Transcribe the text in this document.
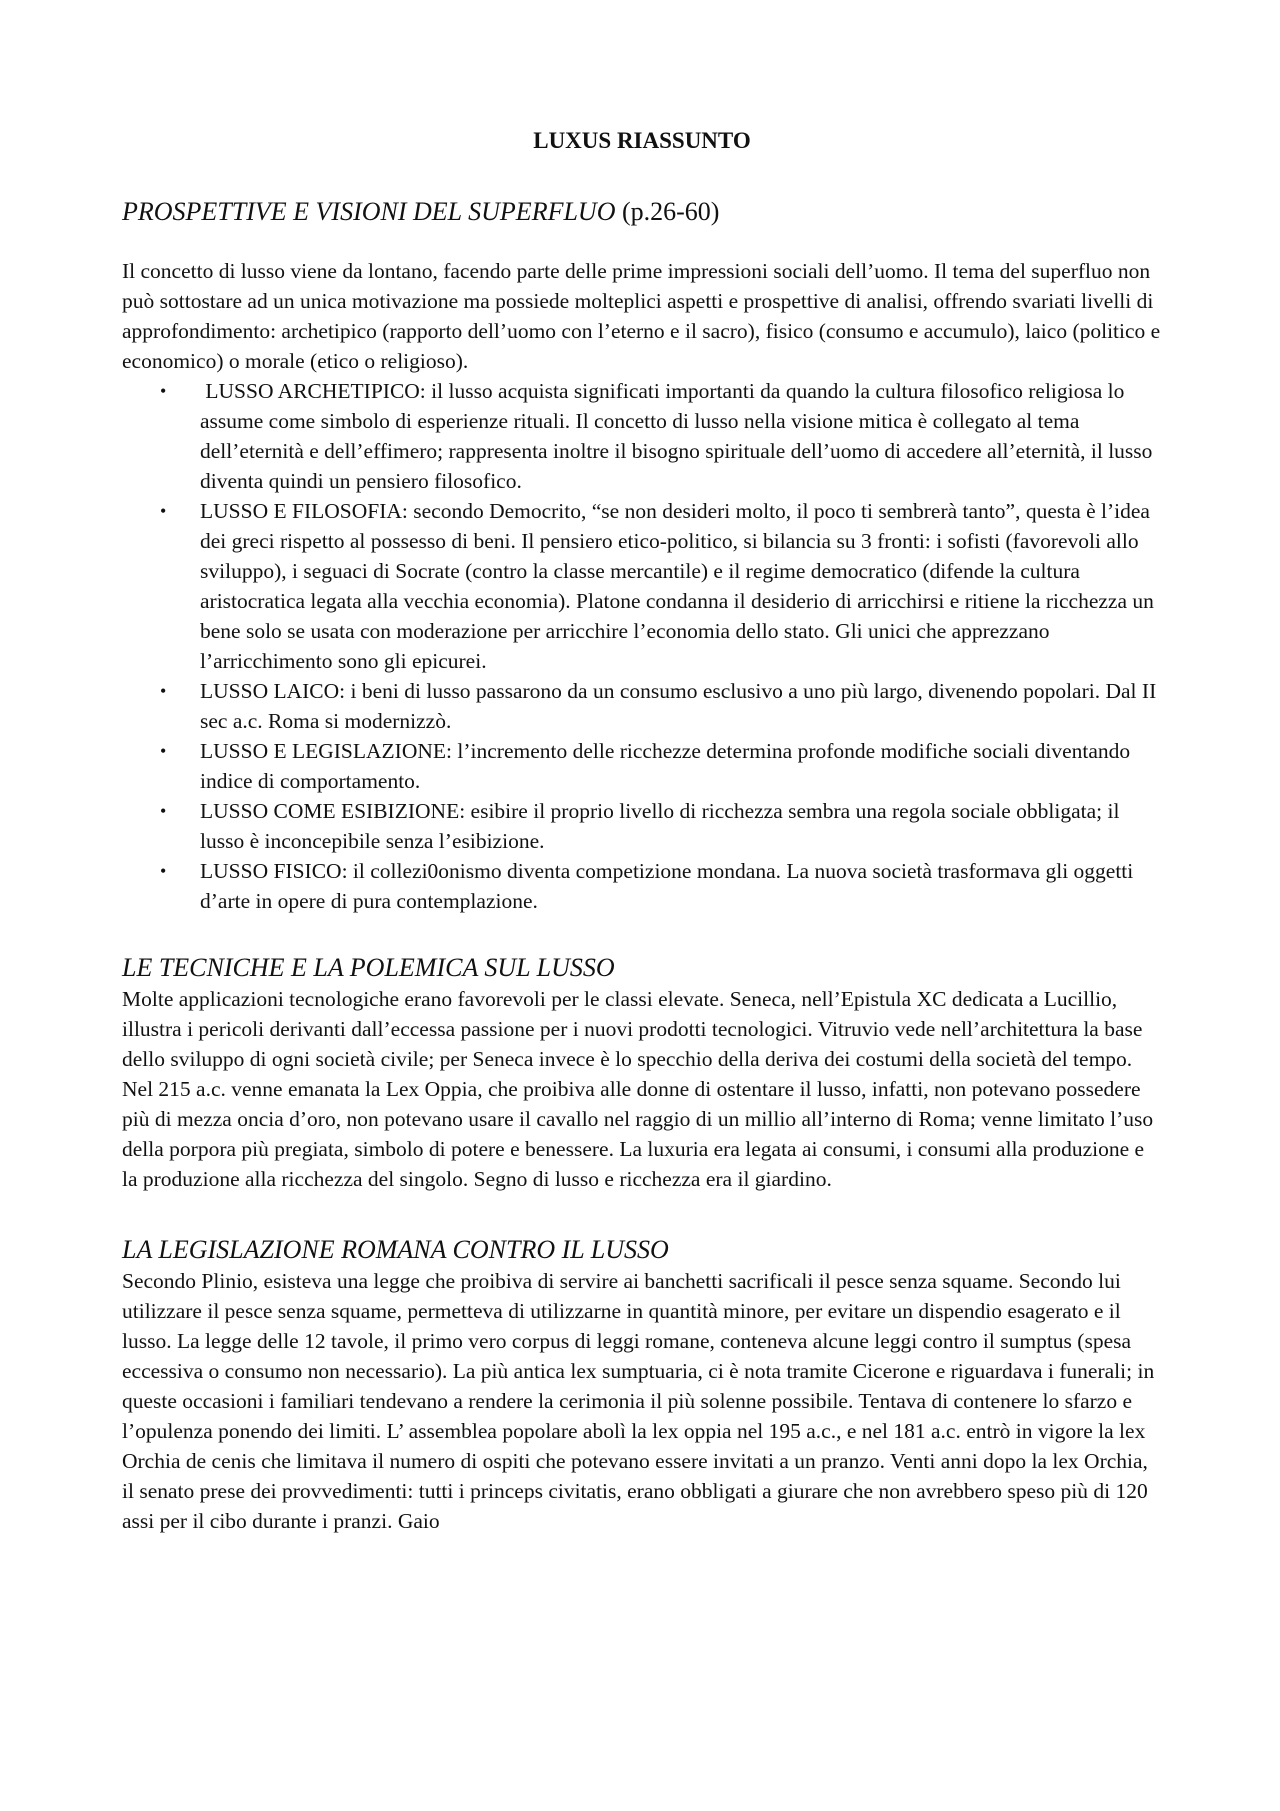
LUXUS RIASSUNTO
PROSPETTIVE E VISIONI DEL SUPERFLUO (p.26-60)

Il concetto di lusso viene da lontano, facendo parte delle prime impressioni sociali dell’uomo. Il tema del superfluo non può sottostare ad un unica motivazione ma possiede molteplici aspetti e prospettive di analisi, offrendo svariati livelli di approfondimento: archetipico (rapporto dell’uomo con l’eterno e il sacro), fisico (consumo e accumulo), laico (politico e economico) o morale (etico o religioso).

• LUSSO ARCHETIPICO: il lusso acquista significati importanti da quando la cultura filosofico religiosa lo assume come simbolo di esperienze rituali. Il concetto di lusso nella visione mitica è collegato al tema dell’eternità e dell’effimero; rappresenta inoltre il bisogno spirituale dell’uomo di accedere all’eternità, il lusso diventa quindi un pensiero filosofico.
• LUSSO E FILOSOFIA: secondo Democrito, “se non desideri molto, il poco ti sembrerà tanto”, questa è l’idea dei greci rispetto al possesso di beni. Il pensiero etico-politico, si bilancia su 3 fronti: i sofisti (favorevoli allo sviluppo), i seguaci di Socrate (contro la classe mercantile) e il regime democratico (difende la cultura aristocratica legata alla vecchia economia). Platone condanna il desiderio di arricchirsi e ritiene la ricchezza un bene solo se usata con moderazione per arricchire l’economia dello stato. Gli unici che apprezzano l’arricchimento sono gli epicurei.
• LUSSO LAICO: i beni di lusso passarono da un consumo esclusivo a uno più largo, divenendo popolari. Dal II sec a.c. Roma si modernizzò.
• LUSSO E LEGISLAZIONE: l’incremento delle ricchezze determina profonde modifiche sociali diventando indice di comportamento.
• LUSSO COME ESIBIZIONE: esibire il proprio livello di ricchezza sembra una regola sociale obbligata; il lusso è inconcepibile senza l’esibizione.
• LUSSO FISICO: il collezi0onismo diventa competizione mondana. La nuova società trasformava gli oggetti d’arte in opere di pura contemplazione.
LE TECNICHE E LA POLEMICA SUL LUSSO

Molte applicazioni tecnologiche erano favorevoli per le classi elevate. Seneca, nell’Epistula XC dedicata a Lucillio, illustra i pericoli derivanti dall’eccessa passione per i nuovi prodotti tecnologici. Vitruvio vede nell’architettura la base dello sviluppo di ogni società civile; per Seneca invece è lo specchio della deriva dei costumi della società del tempo. Nel 215 a.c. venne emanata la Lex Oppia, che proibiva alle donne di ostentare il lusso, infatti, non potevano possedere più di mezza oncia d’oro, non potevano usare il cavallo nel raggio di un millio all’interno di Roma; venne limitato l’uso della porpora più pregiata, simbolo di potere e benessere. La luxuria era legata ai consumi, i consumi alla produzione e la produzione alla ricchezza del singolo. Segno di lusso e ricchezza era il giardino.

LA LEGISLAZIONE ROMANA CONTRO IL LUSSO

Secondo Plinio, esisteva una legge che proibiva di servire ai banchetti sacrificali il pesce senza squame. Secondo lui utilizzare il pesce senza squame, permetteva di utilizzarne in quantità minore, per evitare un dispendio esagerato e il lusso. La legge delle 12 tavole, il primo vero corpus di leggi romane, conteneva alcune leggi contro il sumptus (spesa eccessiva o consumo non necessario). La più antica lex sumptuaria, ci è nota tramite Cicerone e riguardava i funerali; in queste occasioni i familiari tendevano a rendere la cerimonia il più solenne possibile. Tentava di contenere lo sfarzo e l’opulenza ponendo dei limiti. L’ assemblea popolare abolì la lex oppia nel 195 a.c., e nel 181 a.c. entrò in vigore la lex Orchia de cenis che limitava il numero di ospiti che potevano essere invitati a un pranzo. Venti anni dopo la lex Orchia, il senato prese dei provvedimenti: tutti i princeps civitatis, erano obbligati a giurare che non avrebbero speso più di 120 assi per il cibo durante i pranzi. Gaio
